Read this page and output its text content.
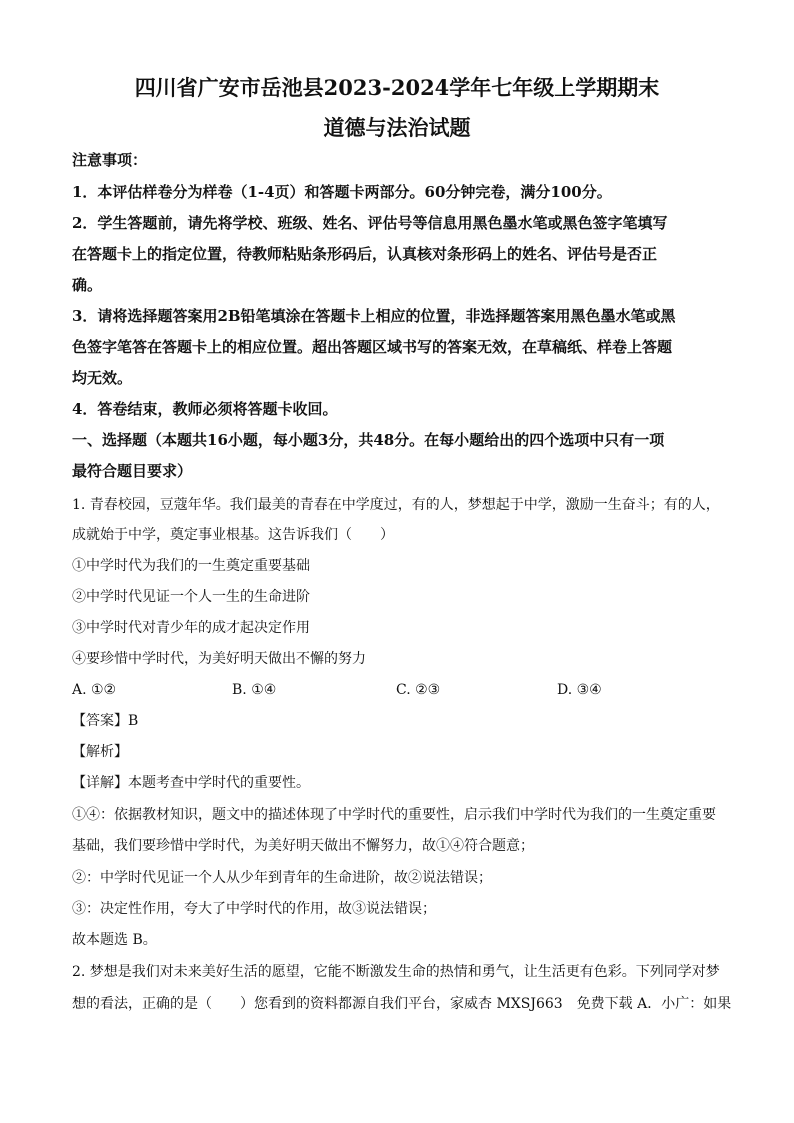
四川省广安市岳池县2023-2024学年七年级上学期期末
道德与法治试题
注意事项：
1．本评估样卷分为样卷（1-4页）和答题卡两部分。60分钟完卷，满分100分。
2．学生答题前，请先将学校、班级、姓名、评估号等信息用黑色墨水笔或黑色签字笔填写
在答题卡上的指定位置，待教师粘贴条形码后，认真核对条形码上的姓名、评估号是否正
确。
3．请将选择题答案用2B铅笔填涂在答题卡上相应的位置，非选择题答案用黑色墨水笔或黑
色签字笔答在答题卡上的相应位置。超出答题区域书写的答案无效，在草稿纸、样卷上答题
均无效。
4．答卷结束，教师必须将答题卡收回。
一、选择题（本题共16小题，每小题3分，共48分。在每小题给出的四个选项中只有一项
最符合题目要求）
1. 青春校园，豆蔻年华。我们最美的青春在中学度过，有的人，梦想起于中学，激励一生奋斗；有的人，
成就始于中学，奠定事业根基。这告诉我们（　　）
①中学时代为我们的一生奠定重要基础
②中学时代见证一个人一生的生命进阶
③中学时代对青少年的成才起决定作用
④要珍惜中学时代，为美好明天做出不懈的努力
A. ①②	B. ①④	C. ②③	D. ③④
【答案】B
【解析】
【详解】本题考查中学时代的重要性。
①④：依据教材知识，题文中的描述体现了中学时代的重要性，启示我们中学时代为我们的一生奠定重要
基础，我们要珍惜中学时代，为美好明天做出不懈努力，故①④符合题意；
②：中学时代见证一个人从少年到青年的生命进阶，故②说法错误；
③：决定性作用，夸大了中学时代的作用，故③说法错误；
故本题选 B。
2. 梦想是我们对未来美好生活的愿望，它能不断激发生命的热情和勇气，让生活更有色彩。下列同学对梦
想的看法，正确的是（　　）您看到的资料都源自我们平台，家威杏 MXSJ663　免费下载 A．小广：如果
